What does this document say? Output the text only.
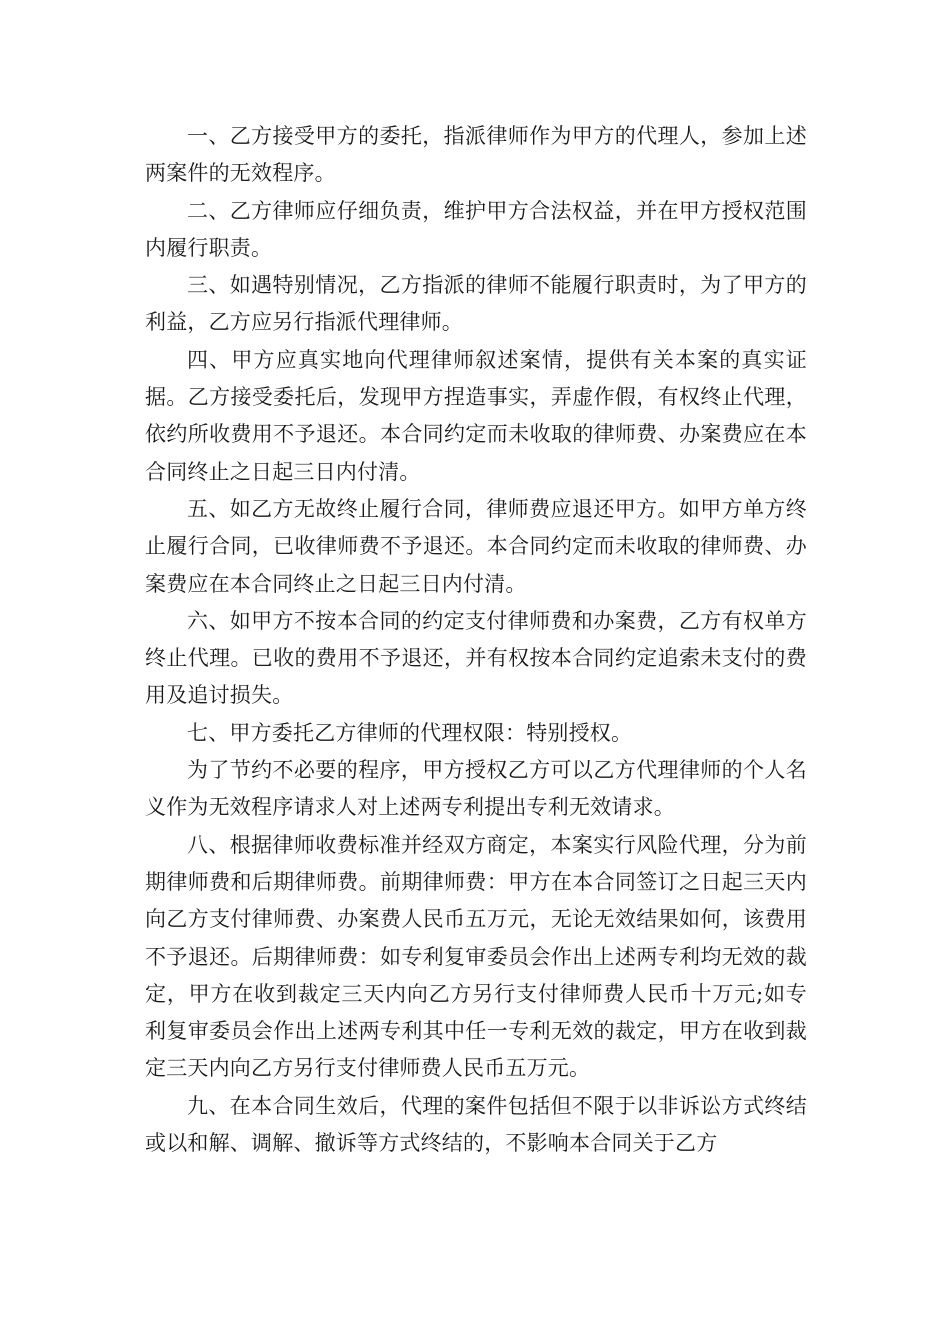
一、乙方接受甲方的委托，指派律师作为甲方的代理人，参加上述两案件的无效程序。

二、乙方律师应仔细负责，维护甲方合法权益，并在甲方授权范围内履行职责。

三、如遇特别情况，乙方指派的律师不能履行职责时，为了甲方的利益，乙方应另行指派代理律师。

四、甲方应真实地向代理律师叙述案情，提供有关本案的真实证据。乙方接受委托后，发现甲方捏造事实，弄虚作假，有权终止代理，依约所收费用不予退还。本合同约定而未收取的律师费、办案费应在本合同终止之日起三日内付清。

五、如乙方无故终止履行合同，律师费应退还甲方。如甲方单方终止履行合同，已收律师费不予退还。本合同约定而未收取的律师费、办案费应在本合同终止之日起三日内付清。

六、如甲方不按本合同的约定支付律师费和办案费，乙方有权单方终止代理。已收的费用不予退还，并有权按本合同约定追索未支付的费用及追讨损失。

七、甲方委托乙方律师的代理权限：特别授权。

为了节约不必要的程序，甲方授权乙方可以乙方代理律师的个人名义作为无效程序请求人对上述两专利提出专利无效请求。

八、根据律师收费标准并经双方商定，本案实行风险代理，分为前期律师费和后期律师费。前期律师费：甲方在本合同签订之日起三天内向乙方支付律师费、办案费人民币五万元，无论无效结果如何，该费用不予退还。后期律师费：如专利复审委员会作出上述两专利均无效的裁定，甲方在收到裁定三天内向乙方另行支付律师费人民币十万元;如专利复审委员会作出上述两专利其中任一专利无效的裁定，甲方在收到裁定三天内向乙方另行支付律师费人民币五万元。

九、在本合同生效后，代理的案件包括但不限于以非诉讼方式终结或以和解、调解、撤诉等方式终结的，不影响本合同关于乙方
